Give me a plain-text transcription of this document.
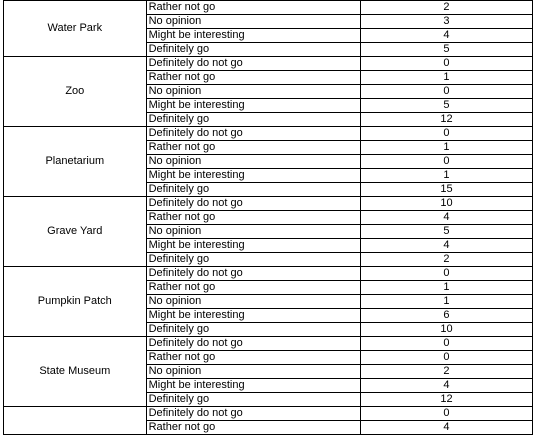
Water Park	Rather not go	2
	No opinion	3
	Might be interesting	4
	Definitely go	5
Zoo	Definitely do not go	0
	Rather not go	1
	No opinion	0
	Might be interesting	5
	Definitely go	12
Planetarium	Definitely do not go	0
	Rather not go	1
	No opinion	0
	Might be interesting	1
	Definitely go	15
Grave Yard	Definitely do not go	10
	Rather not go	4
	No opinion	5
	Might be interesting	4
	Definitely go	2
Pumpkin Patch	Definitely do not go	0
	Rather not go	1
	No opinion	1
	Might be interesting	6
	Definitely go	10
State Museum	Definitely do not go	0
	Rather not go	0
	No opinion	2
	Might be interesting	4
	Definitely go	12
	Definitely do not go	0
	Rather not go	4
